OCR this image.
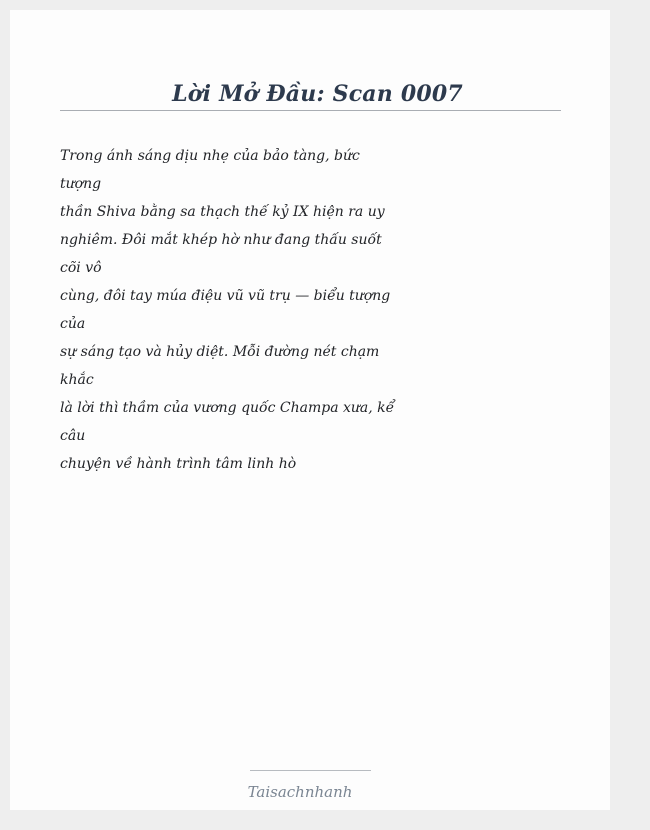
Lời Mở Đầu: Scan 0007
Trong ánh sáng dịu nhẹ của bảo tàng, bức
tượng
thần Shiva bằng sa thạch thế kỷ IX hiện ra uy
nghiêm. Đôi mắt khép hờ như đang thấu suốt
cõi vô
cùng, đôi tay múa điệu vũ vũ trụ — biểu tượng
của
sự sáng tạo và hủy diệt. Mỗi đường nét chạm
khắc
là lời thì thầm của vương quốc Champa xưa, kể
câu
chuyện về hành trình tâm linh hò
Taisachnhanh
